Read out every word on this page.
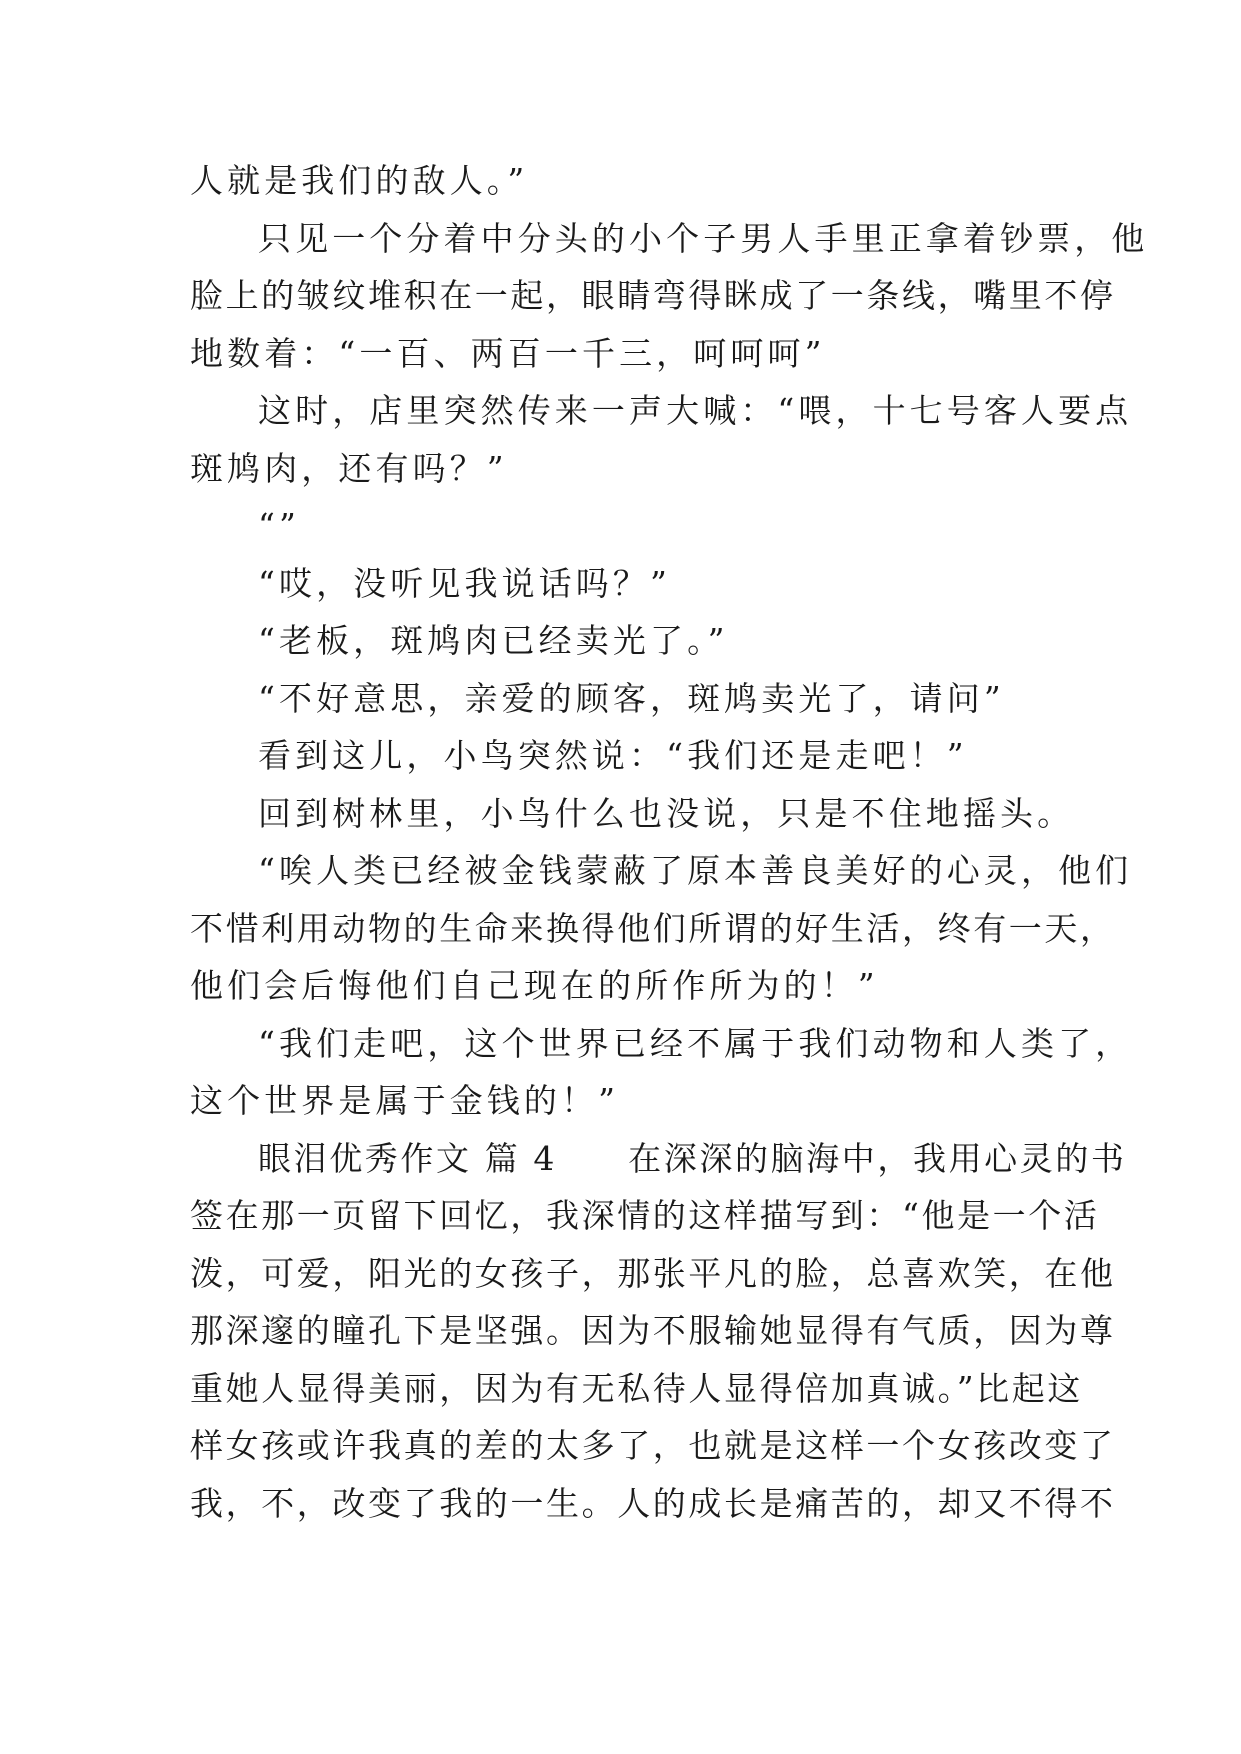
人就是我们的敌人。”
只见一个分着中分头的小个子男人手里正拿着钞票，他
脸上的皱纹堆积在一起，眼睛弯得眯成了一条线，嘴里不停
地数着：“一百、两百一千三，呵呵呵”
这时，店里突然传来一声大喊：“喂，十七号客人要点
斑鸠肉，还有吗？”
“”
“哎，没听见我说话吗？”
“老板，斑鸠肉已经卖光了。”
“不好意思，亲爱的顾客，斑鸠卖光了，请问”
看到这儿，小鸟突然说：“我们还是走吧！”
回到树林里，小鸟什么也没说，只是不住地摇头。
“唉人类已经被金钱蒙蔽了原本善良美好的心灵，他们
不惜利用动物的生命来换得他们所谓的好生活，终有一天，
他们会后悔他们自己现在的所作所为的！”
“我们走吧，这个世界已经不属于我们动物和人类了，
这个世界是属于金钱的！”
眼泪优秀作文 篇 4　　在深深的脑海中，我用心灵的书
签在那一页留下回忆，我深情的这样描写到：“他是一个活
泼，可爱，阳光的女孩子，那张平凡的脸，总喜欢笑，在他
那深邃的瞳孔下是坚强。因为不服输她显得有气质，因为尊
重她人显得美丽，因为有无私待人显得倍加真诚。”比起这
样女孩或许我真的差的太多了，也就是这样一个女孩改变了
我，不，改变了我的一生。人的成长是痛苦的，却又不得不
